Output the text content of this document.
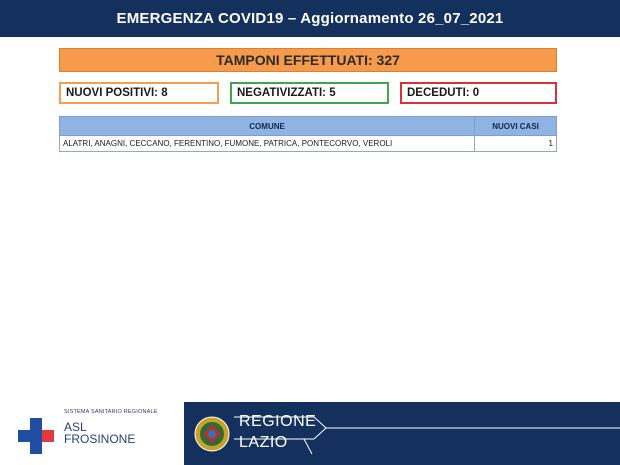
EMERGENZA COVID19 – Aggiornamento 26_07_2021
TAMPONI EFFETTUATI: 327
NUOVI POSITIVI: 8	NEGATIVIZZATI: 5	DECEDUTI: 0
COMUNE	NUOVI CASI
ALATRI, ANAGNI, CECCANO, FERENTINO, FUMONE, PATRICA, PONTECORVO, VEROLI	1
SISTEMA SANITARIO REGIONALE
ASL
FROSINONE
REGIONE
LAZIO
